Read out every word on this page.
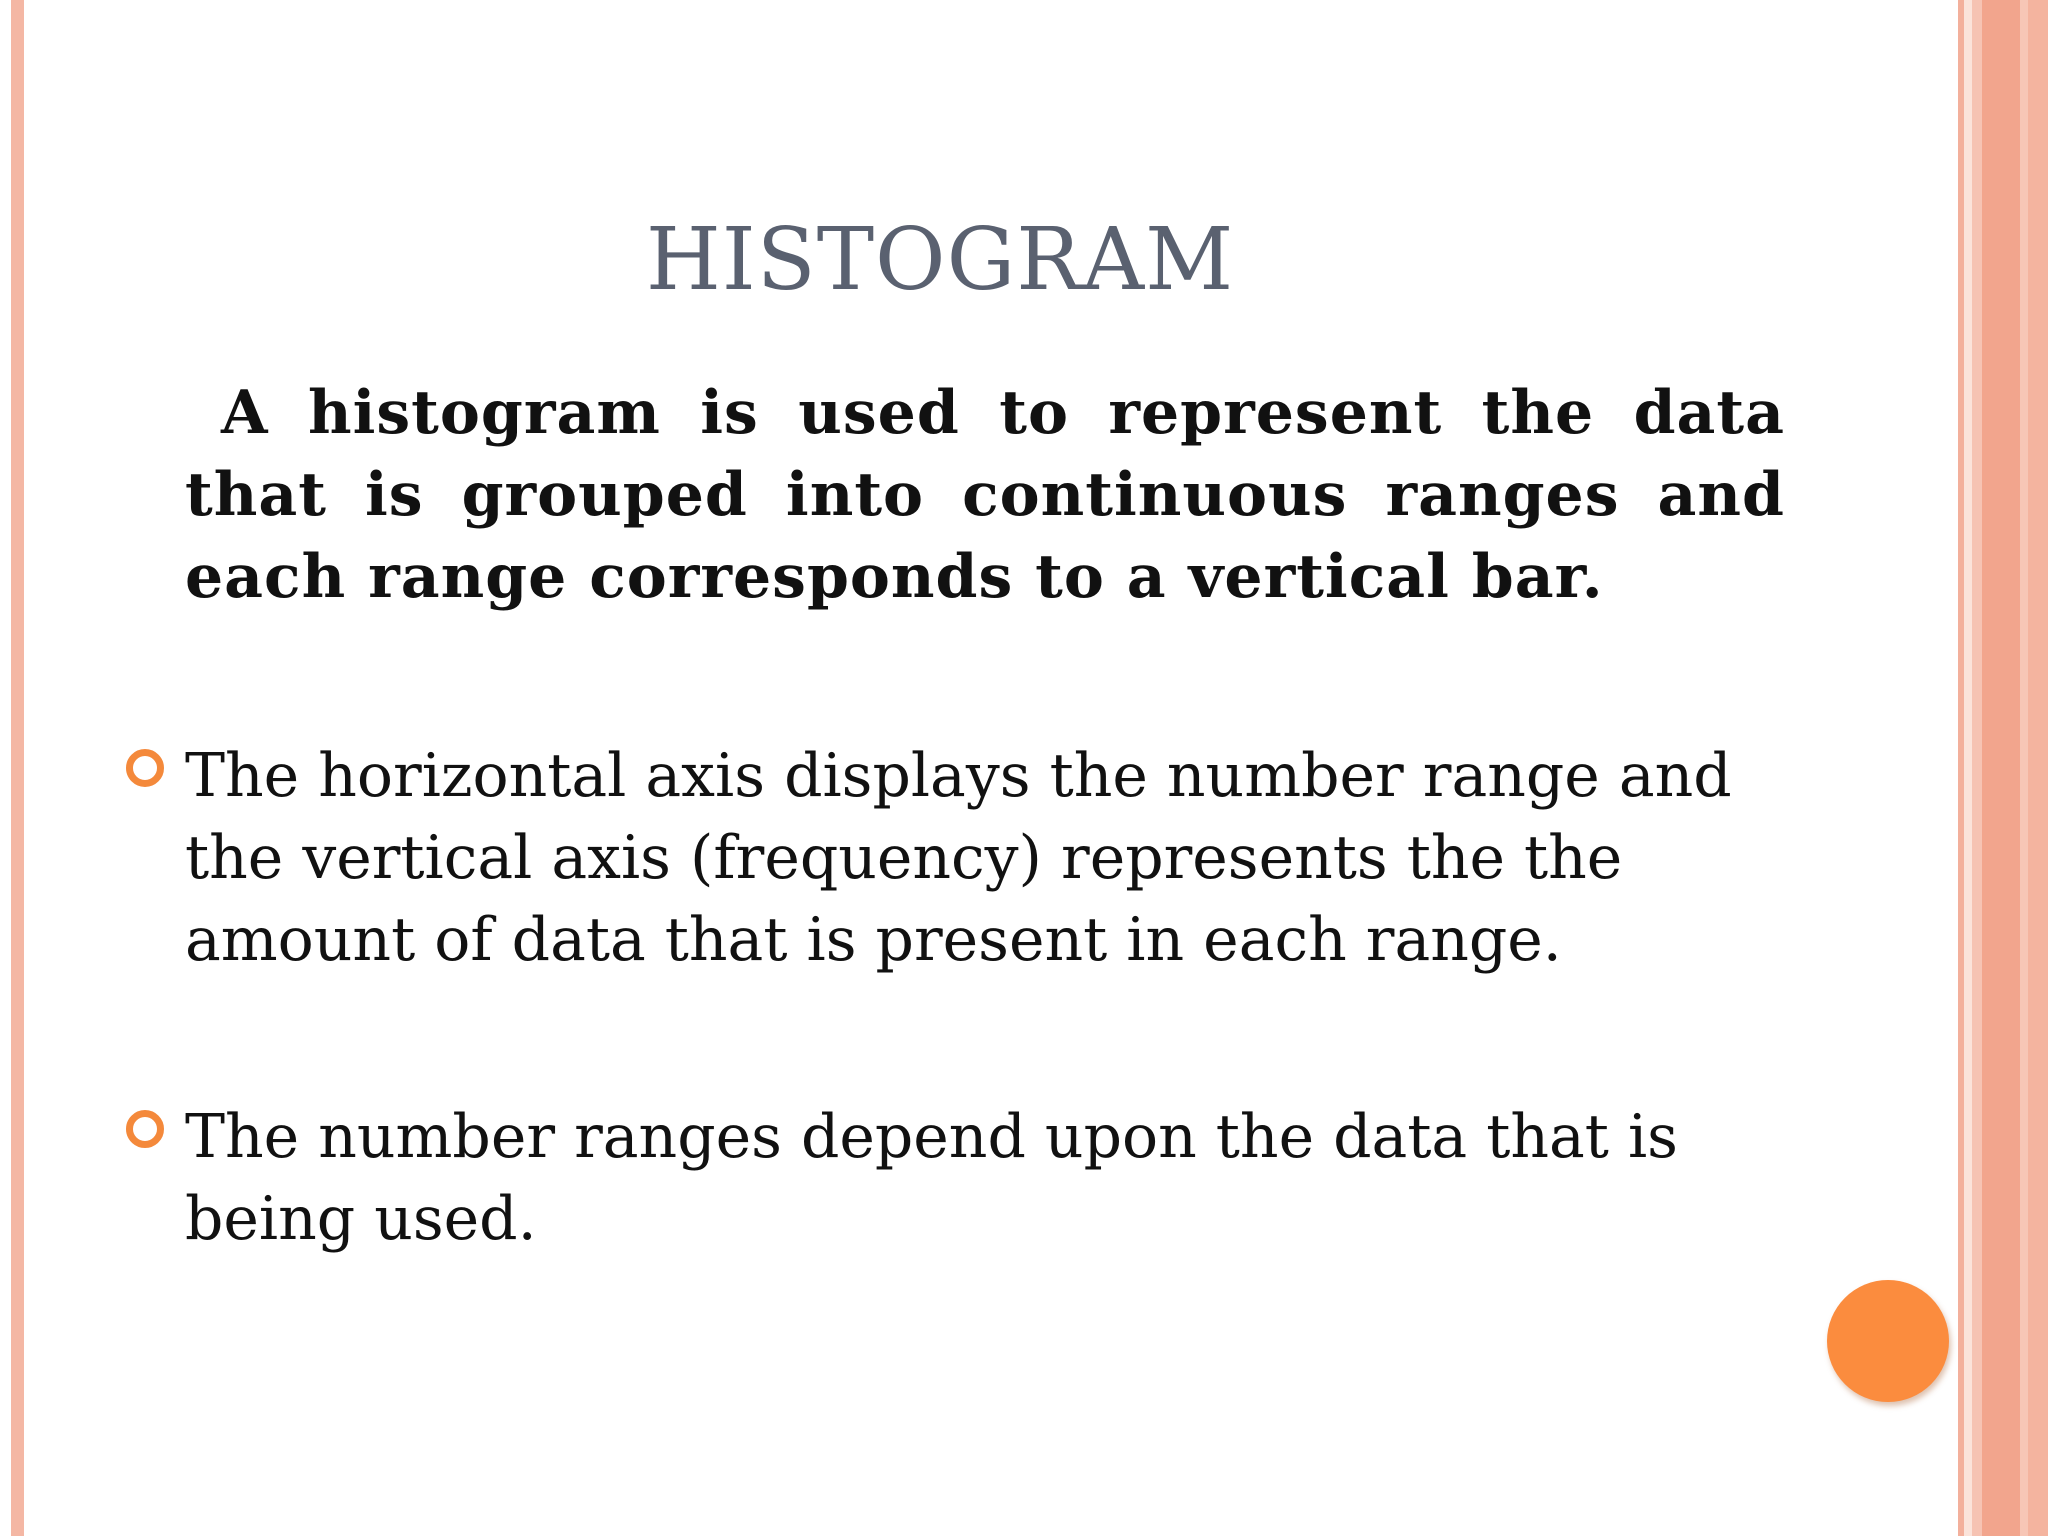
HISTOGRAM
A histogram is used to represent the data that is grouped into continuous ranges and each range corresponds to a vertical bar.
The horizontal axis displays the number range and the vertical axis (frequency) represents the the amount of data that is present in each range.
The number ranges depend upon the data that is being used.
